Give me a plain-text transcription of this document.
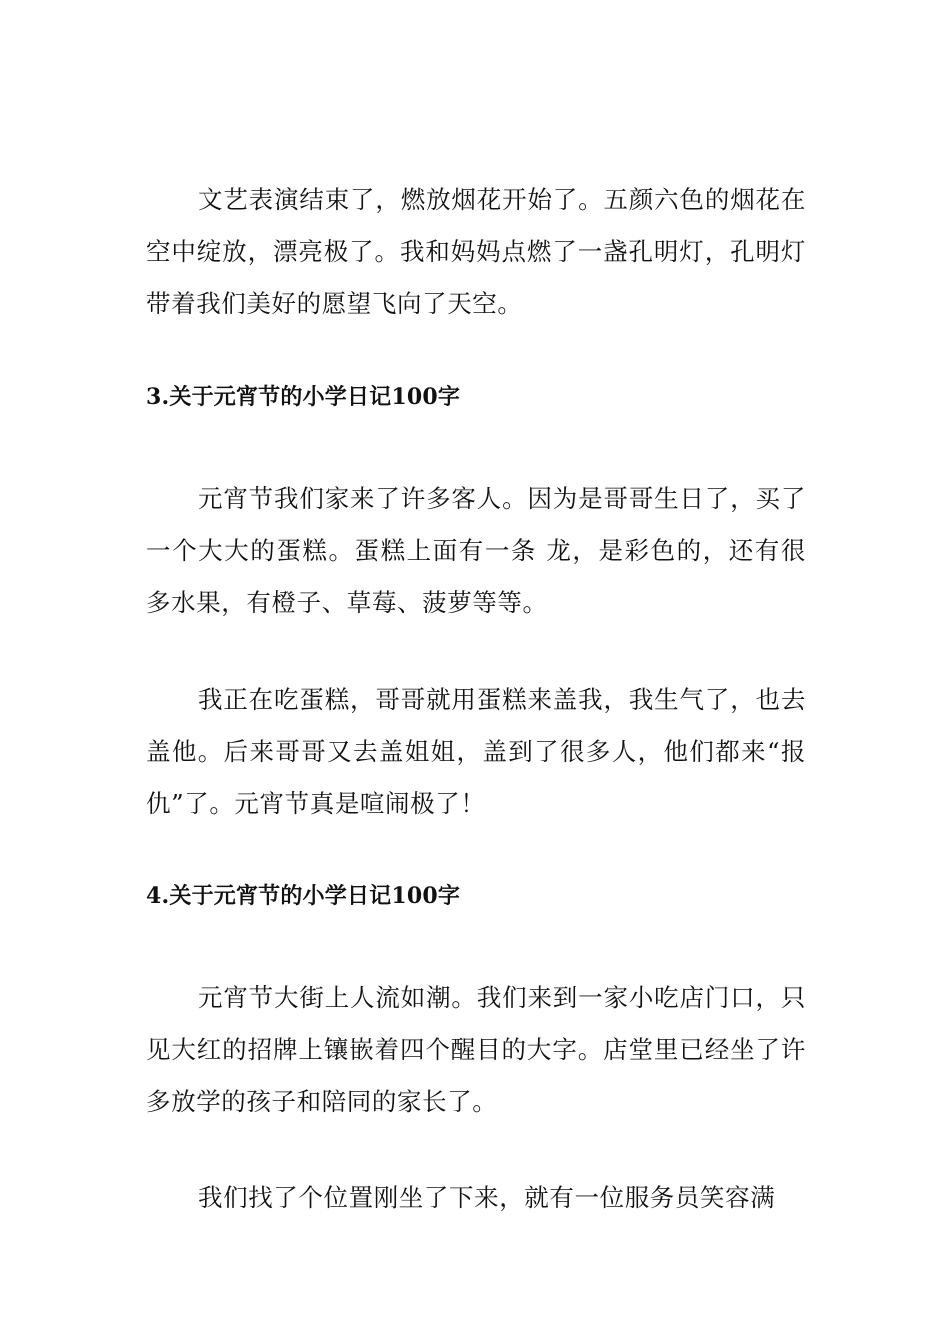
文艺表演结束了，燃放烟花开始了。五颜六色的烟花在空中绽放，漂亮极了。我和妈妈点燃了一盏孔明灯，孔明灯带着我们美好的愿望飞向了天空。

3.关于元宵节的小学日记100字

元宵节我们家来了许多客人。因为是哥哥生日了，买了一个大大的蛋糕。蛋糕上面有一条 龙，是彩色的，还有很多水果，有橙子、草莓、菠萝等等。

我正在吃蛋糕，哥哥就用蛋糕来盖我，我生气了，也去盖他。后来哥哥又去盖姐姐，盖到了很多人，他们都来“报仇”了。元宵节真是喧闹极了！

4.关于元宵节的小学日记100字

元宵节大街上人流如潮。我们来到一家小吃店门口，只见大红的招牌上镶嵌着四个醒目的大字。店堂里已经坐了许多放学的孩子和陪同的家长了。

我们找了个位置刚坐了下来，就有一位服务员笑容满
